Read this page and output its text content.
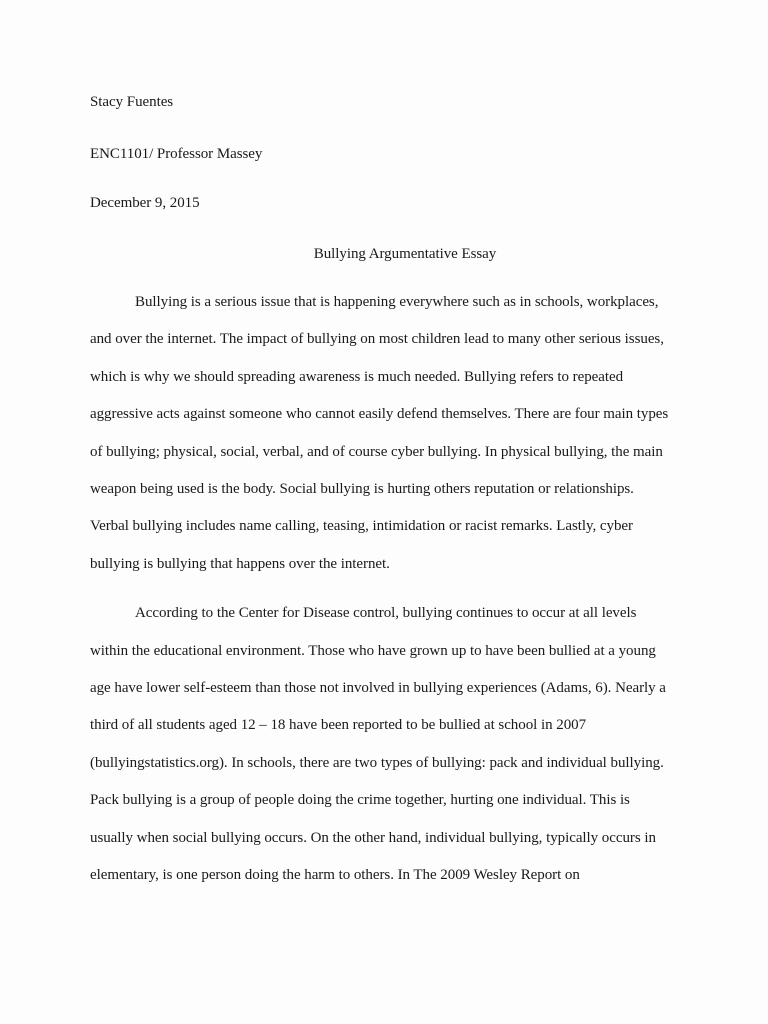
Stacy Fuentes
ENC1101/ Professor Massey
December 9, 2015
Bullying Argumentative Essay

Bullying is a serious issue that is happening everywhere such as in schools, workplaces, and over the internet. The impact of bullying on most children lead to many other serious issues, which is why we should spreading awareness is much needed. Bullying refers to repeated aggressive acts against someone who cannot easily defend themselves. There are four main types of bullying; physical, social, verbal, and of course cyber bullying. In physical bullying, the main weapon being used is the body. Social bullying is hurting others reputation or relationships. Verbal bullying includes name calling, teasing, intimidation or racist remarks. Lastly, cyber bullying is bullying that happens over the internet.

According to the Center for Disease control, bullying continues to occur at all levels within the educational environment. Those who have grown up to have been bullied at a young age have lower self-esteem than those not involved in bullying experiences (Adams, 6). Nearly a third of all students aged 12 – 18 have been reported to be bullied at school in 2007 (bullyingstatistics.org). In schools, there are two types of bullying: pack and individual bullying. Pack bullying is a group of people doing the crime together, hurting one individual. This is usually when social bullying occurs. On the other hand, individual bullying, typically occurs in elementary, is one person doing the harm to others. In The 2009 Wesley Report on
